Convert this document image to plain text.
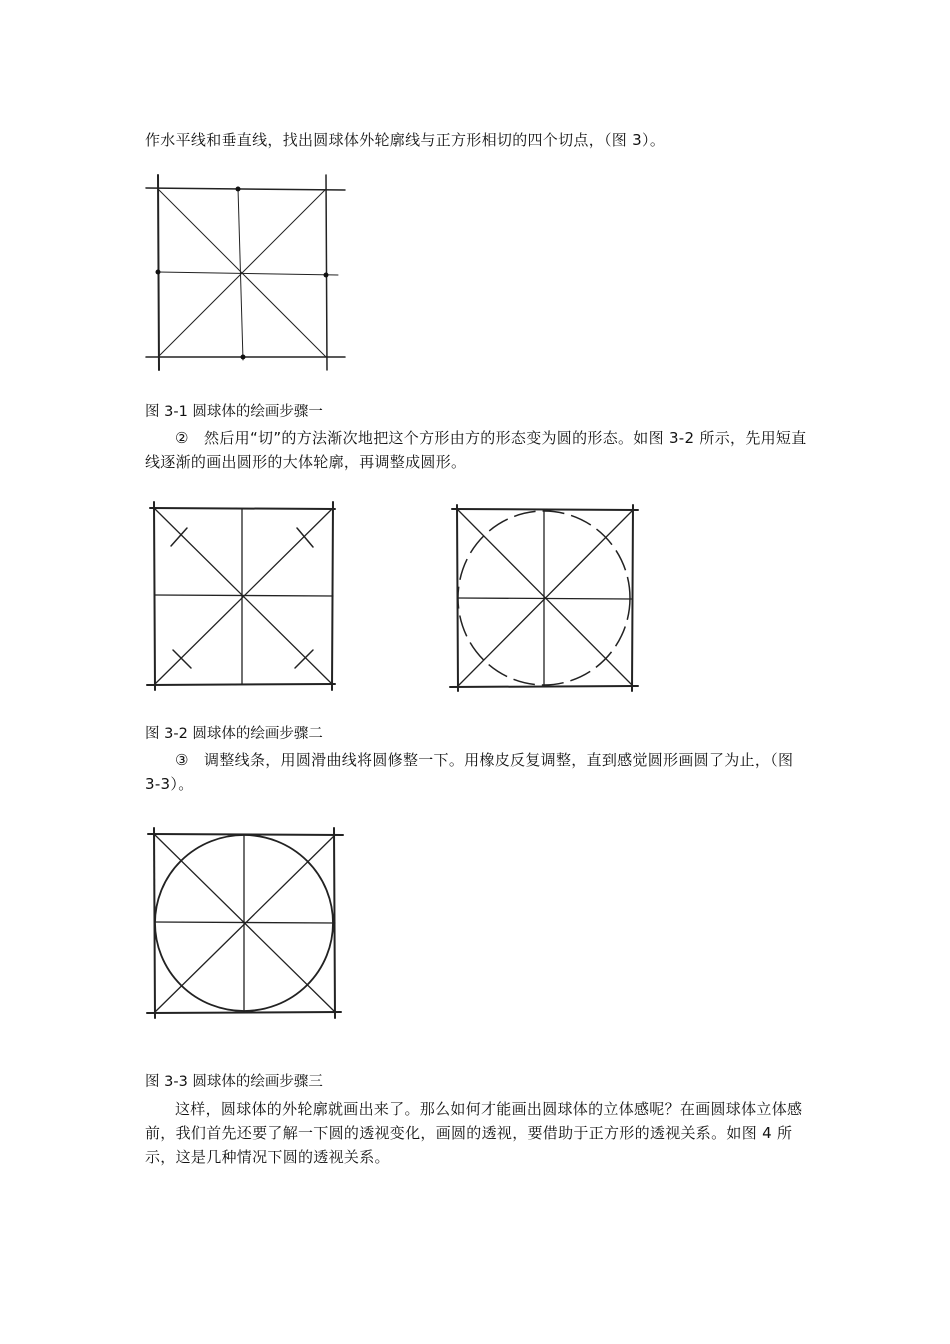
作水平线和垂直线，找出圆球体外轮廓线与正方形相切的四个切点，（图 3）。

图 3-1 圆球体的绘画步骤一

②　然后用“切”的方法渐次地把这个方形由方的形态变为圆的形态。如图 3-2 所示，先用短直线逐渐的画出圆形的大体轮廓，再调整成圆形。

图 3-2 圆球体的绘画步骤二

③　调整线条，用圆滑曲线将圆修整一下。用橡皮反复调整，直到感觉圆形画圆了为止，（图 3-3）。

图 3-3 圆球体的绘画步骤三

这样，圆球体的外轮廓就画出来了。那么如何才能画出圆球体的立体感呢？在画圆球体立体感前，我们首先还要了解一下圆的透视变化，画圆的透视，要借助于正方形的透视关系。如图 4 所示，这是几种情况下圆的透视关系。
